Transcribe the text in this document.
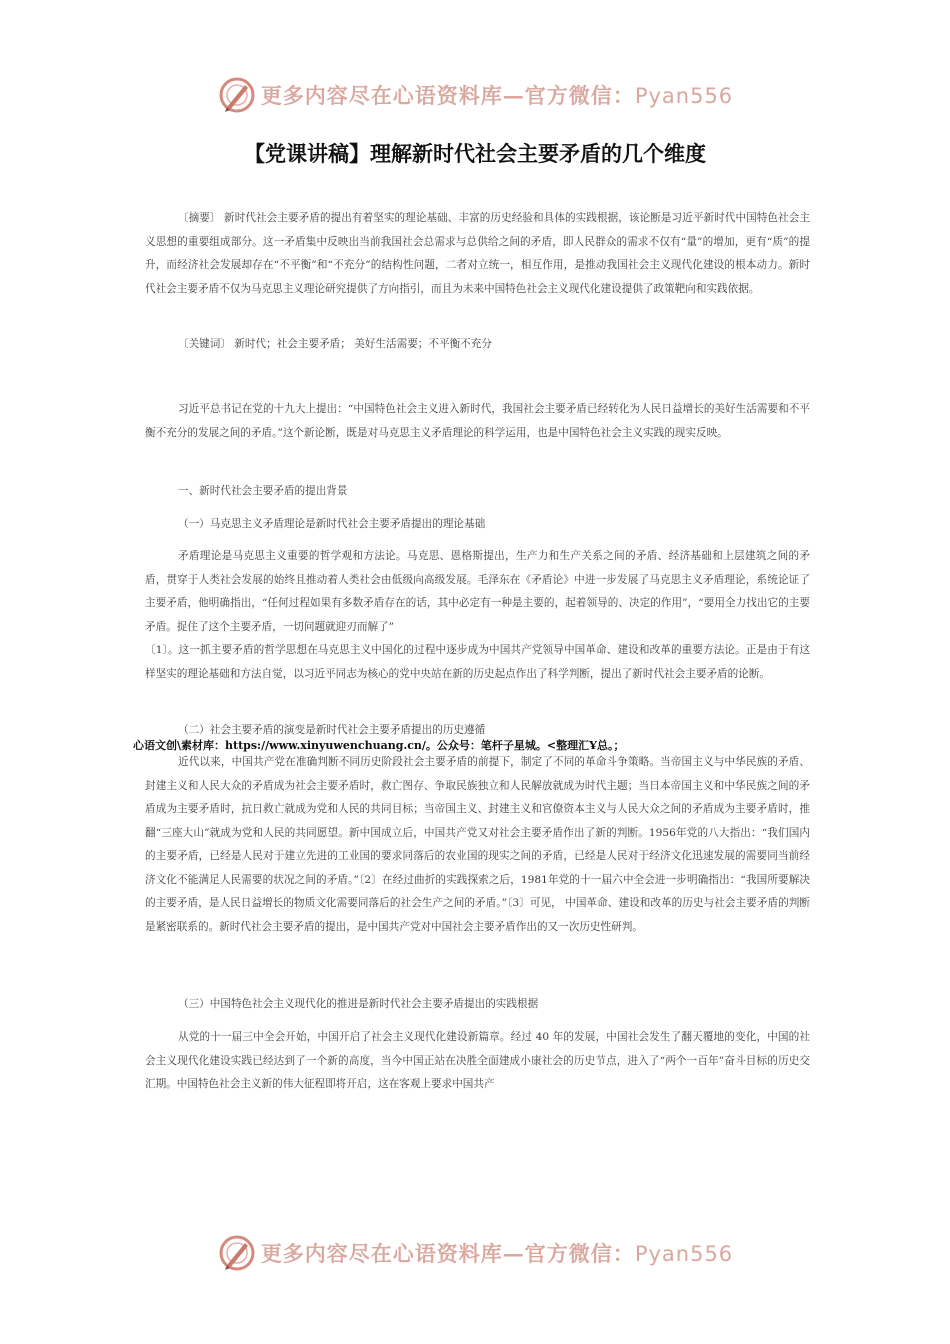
更多内容尽在心语资料库—官方微信：Pyan556
【党课讲稿】理解新时代社会主要矛盾的几个维度
〔摘要〕 新时代社会主要矛盾的提出有着坚实的理论基础、丰富的历史经验和具体的实践根据，该论断是习近平新时代中国特色社会主义思想的重要组成部分。这一矛盾集中反映出当前我国社会总需求与总供给之间的矛盾，即人民群众的需求不仅有“量”的增加，更有“质”的提升，而经济社会发展却存在“不平衡”和“不充分”的结构性问题，二者对立统一，相互作用，是推动我国社会主义现代化建设的根本动力。新时代社会主要矛盾不仅为马克思主义理论研究提供了方向指引，而且为未来中国特色社会主义现代化建设提供了政策靶向和实践依据。
〔关键词〕 新时代；社会主要矛盾； 美好生活需要；不平衡不充分
习近平总书记在党的十九大上提出：“中国特色社会主义进入新时代，我国社会主要矛盾已经转化为人民日益增长的美好生活需要和不平衡不充分的发展之间的矛盾。”这个新论断，既是对马克思主义矛盾理论的科学运用，也是中国特色社会主义实践的现实反映。
一、新时代社会主要矛盾的提出背景
（一）马克思主义矛盾理论是新时代社会主要矛盾提出的理论基础
矛盾理论是马克思主义重要的哲学观和方法论。马克思、恩格斯提出，生产力和生产关系之间的矛盾、经济基础和上层建筑之间的矛盾，贯穿于人类社会发展的始终且推动着人类社会由低级向高级发展。毛泽东在《矛盾论》中进一步发展了马克思主义矛盾理论，系统论证了主要矛盾，他明确指出，“任何过程如果有多数矛盾存在的话，其中必定有一种是主要的，起着领导的、决定的作用”，“要用全力找出它的主要矛盾。捉住了这个主要矛盾，一切问题就迎刃而解了”
〔1〕。这一抓主要矛盾的哲学思想在马克思主义中国化的过程中逐步成为中国共产党领导中国革命、建设和改革的重要方法论。正是由于有这样坚实的理论基础和方法自觉，以习近平同志为核心的党中央站在新的历史起点作出了科学判断，提出了新时代社会主要矛盾的论断。
（二）社会主要矛盾的演变是新时代社会主要矛盾提出的历史遵循
心语文创\素材库：https://www.xinyuwenchuang.cn/。公众号：笔杆子星城。<整理汇Ұ总。；
近代以来，中国共产党在准确判断不同历史阶段社会主要矛盾的前提下，制定了不同的革命斗争策略。当帝国主义与中华民族的矛盾、封建主义和人民大众的矛盾成为社会主要矛盾时，救亡图存、争取民族独立和人民解放就成为时代主题；当日本帝国主义和中华民族之间的矛盾成为主要矛盾时，抗日救亡就成为党和人民的共同目标；当帝国主义、封建主义和官僚资本主义与人民大众之间的矛盾成为主要矛盾时，推翻“三座大山”就成为党和人民的共同愿望。新中国成立后，中国共产党又对社会主要矛盾作出了新的判断。1956年党的八大指出：“我们国内的主要矛盾，已经是人民对于建立先进的工业国的要求同落后的农业国的现实之间的矛盾，已经是人民对于经济文化迅速发展的需要同当前经济文化不能满足人民需要的状况之间的矛盾。”〔2〕在经过曲折的实践探索之后，1981年党的十一届六中全会进一步明确指出：“我国所要解决的主要矛盾，是人民日益增长的物质文化需要同落后的社会生产之间的矛盾。”〔3〕可见， 中国革命、建设和改革的历史与社会主要矛盾的判断是紧密联系的。新时代社会主要矛盾的提出，是中国共产党对中国社会主要矛盾作出的又一次历史性研判。
（三）中国特色社会主义现代化的推进是新时代社会主要矛盾提出的实践根据
从党的十一届三中全会开始，中国开启了社会主义现代化建设新篇章。经过 40 年的发展，中国社会发生了翻天覆地的变化，中国的社会主义现代化建设实践已经达到了一个新的高度，当今中国正站在决胜全面建成小康社会的历史节点，进入了“两个一百年”奋斗目标的历史交汇期。中国特色社会主义新的伟大征程即将开启，这在客观上要求中国共产
更多内容尽在心语资料库—官方微信：Pyan556
